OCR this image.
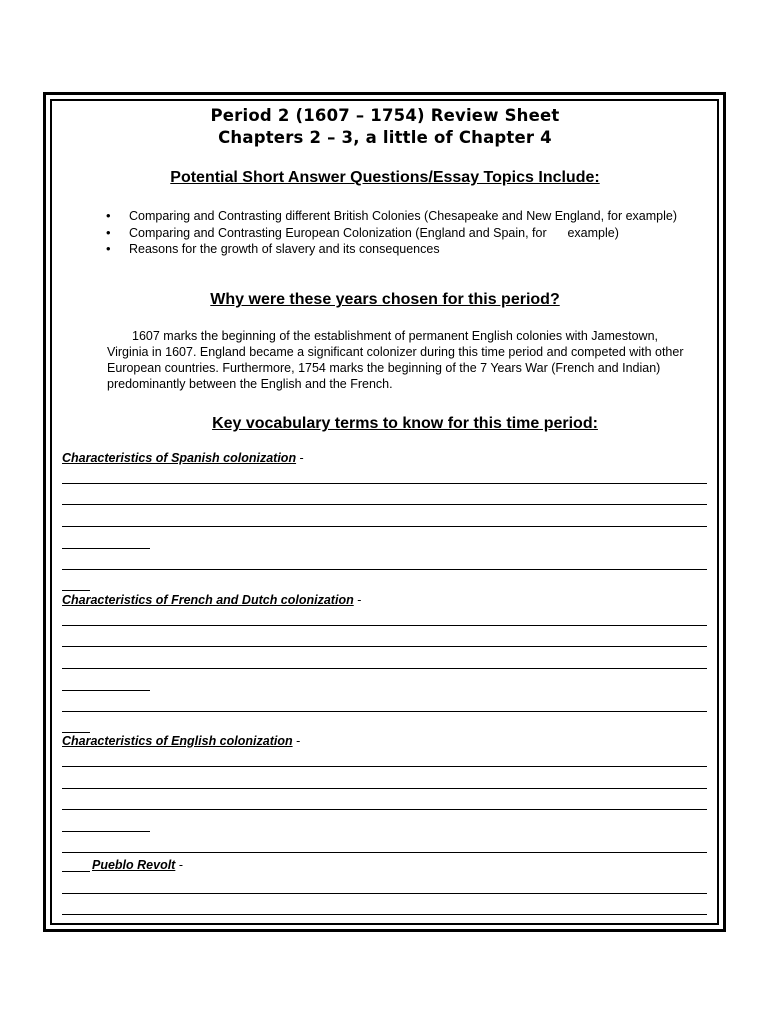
Period 2 (1607 – 1754) Review Sheet
Chapters 2 – 3, a little of Chapter 4
Potential Short Answer Questions/Essay Topics Include:
• Comparing and Contrasting different British Colonies (Chesapeake and New England, for example)
• Comparing and Contrasting European Colonization (England and Spain, for      example)
• Reasons for the growth of slavery and its consequences
Why were these years chosen for this period?
1607 marks the beginning of the establishment of permanent English colonies with Jamestown, Virginia in 1607. England became a significant colonizer during this time period and competed with other European countries. Furthermore, 1754 marks the beginning of the 7 Years War (French and Indian) predominantly between the English and the French.
Key vocabulary terms to know for this time period:
Characteristics of Spanish colonization -
Characteristics of French and Dutch colonization -
Characteristics of English colonization -
Pueblo Revolt -
